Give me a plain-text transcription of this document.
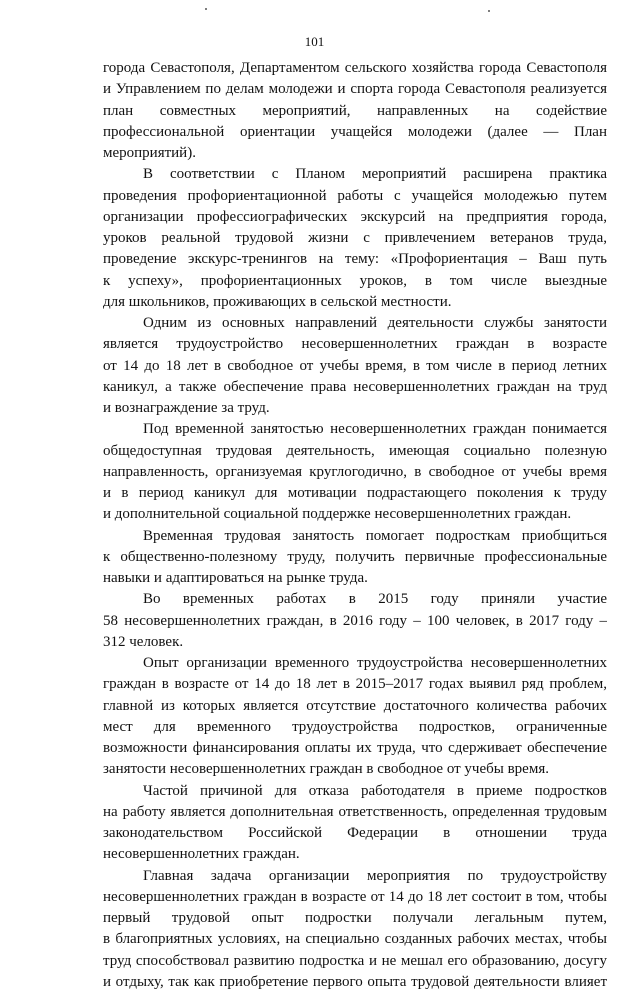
101
города Севастополя, Департаментом сельского хозяйства города Севастополя
и Управлением по делам молодежи и спорта города Севастополя реализуется
план совместных мероприятий, направленных на содействие
профессиональной ориентации учащейся молодежи (далее — План
мероприятий).
В соответствии с Планом мероприятий расширена практика
проведения профориентационной работы с учащейся молодежью путем
организации профессиографических экскурсий на предприятия города,
уроков реальной трудовой жизни с привлечением ветеранов труда,
проведение экскурс-тренингов на тему: «Профориентация – Ваш путь
к успеху», профориентационных уроков, в том числе выездные
для школьников, проживающих в сельской местности.
Одним из основных направлений деятельности службы занятости
является трудоустройство несовершеннолетних граждан в возрасте
от 14 до 18 лет в свободное от учебы время, в том числе в период летних
каникул, а также обеспечение права несовершеннолетних граждан на труд
и вознаграждение за труд.
Под временной занятостью несовершеннолетних граждан понимается
общедоступная трудовая деятельность, имеющая социально полезную
направленность, организуемая круглогодично, в свободное от учебы время
и в период каникул для мотивации подрастающего поколения к труду
и дополнительной социальной поддержке несовершеннолетних граждан.
Временная трудовая занятость помогает подросткам приобщиться
к общественно-полезному труду, получить первичные профессиональные
навыки и адаптироваться на рынке труда.
Во временных работах в 2015 году приняли участие
58 несовершеннолетних граждан, в 2016 году – 100 человек, в 2017 году –
312 человек.
Опыт организации временного трудоустройства несовершеннолетних
граждан в возрасте от 14 до 18 лет в 2015–2017 годах выявил ряд проблем,
главной из которых является отсутствие достаточного количества рабочих
мест для временного трудоустройства подростков, ограниченные
возможности финансирования оплаты их труда, что сдерживает обеспечение
занятости несовершеннолетних граждан в свободное от учебы время.
Частой причиной для отказа работодателя в приеме подростков
на работу является дополнительная ответственность, определенная трудовым
законодательством Российской Федерации в отношении труда
несовершеннолетних граждан.
Главная задача организации мероприятия по трудоустройству
несовершеннолетних граждан в возрасте от 14 до 18 лет состоит в том, чтобы
первый трудовой опыт подростки получали легальным путем,
в благоприятных условиях, на специально созданных рабочих местах, чтобы
труд способствовал развитию подростка и не мешал его образованию, досугу
и отдыху, так как приобретение первого опыта трудовой деятельности влияет
